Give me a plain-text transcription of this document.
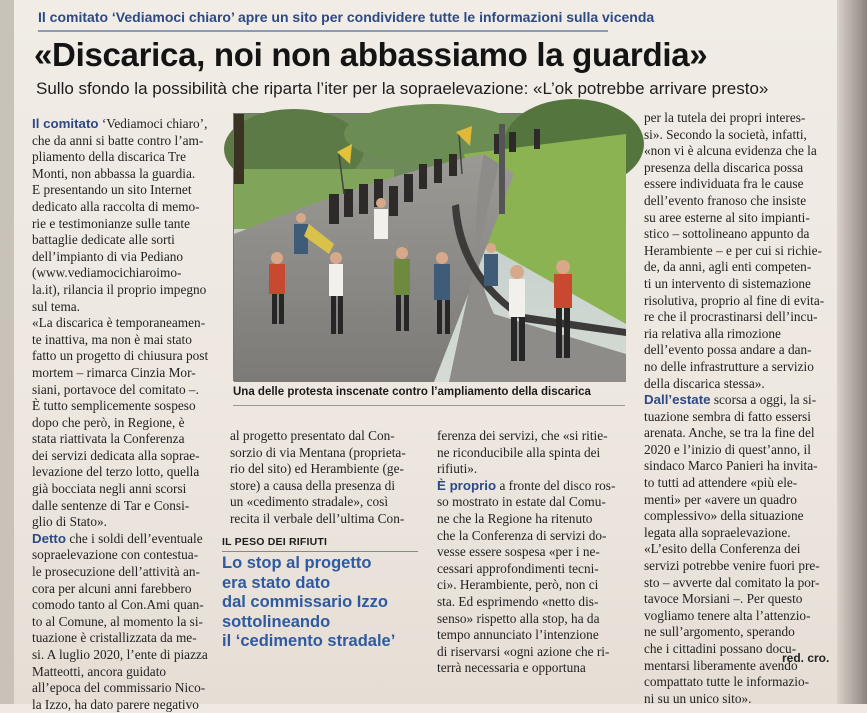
Il comitato ‘Vediamoci chiaro’ apre un sito per condividere tutte le informazioni sulla vicenda
«Discarica, noi non abbassiamo la guardia»
Sullo sfondo la possibilità che riparta l’iter per la sopraelevazione: «L’ok potrebbe arrivare presto»
Il comitato ‘Vediamoci chiaro’,
che da anni si batte contro l’am-
pliamento della discarica Tre
Monti, non abbassa la guardia.
E presentando un sito Internet
dedicato alla raccolta di memo-
rie e testimonianze sulle tante
battaglie dedicate alle sorti
dell’impianto di via Pediano
(www.vediamocichiaroimo-
la.it), rilancia il proprio impegno
sul tema.
«La discarica è temporaneamen-
te inattiva, ma non è mai stato
fatto un progetto di chiusura post
mortem – rimarca Cinzia Mor-
siani, portavoce del comitato –.
È tutto semplicemente sospeso
dopo che però, in Regione, è
stata riattivata la Conferenza
dei servizi dedicata alla soprae-
levazione del terzo lotto, quella
già bocciata negli anni scorsi
dalle sentenze di Tar e Consi-
glio di Stato».
Detto che i soldi dell’eventuale
sopraelevazione con contestua-
le prosecuzione dell’attività an-
cora per alcuni anni farebbero
comodo tanto al Con.Ami quan-
to al Comune, al momento la si-
tuazione è cristallizzata da me-
si. A luglio 2020, l’ente di piazza
Matteotti, ancora guidato
all’epoca del commissario Nico-
la Izzo, ha dato parere negativo
Una delle protesta inscenate contro l’ampliamento della discarica
al progetto presentato dal Con-
sorzio di via Mentana (proprieta-
rio del sito) ed Herambiente (ge-
store) a causa della presenza di
un «cedimento stradale», così
recita il verbale dell’ultima Con-
IL PESO DEI RIFIUTI
Lo stop al progetto
era stato dato
dal commissario Izzo
sottolineando
il ‘cedimento stradale’
ferenza dei servizi, che «si ritie-
ne riconducibile alla spinta dei
rifiuti».
È proprio a fronte del disco ros-
so mostrato in estate dal Comu-
ne che la Regione ha ritenuto
che la Conferenza di servizi do-
vesse essere sospesa «per i ne-
cessari approfondimenti tecni-
ci». Herambiente, però, non ci
sta. Ed esprimendo «netto dis-
senso» rispetto alla stop, ha da
tempo annunciato l’intenzione
di riservarsi «ogni azione che ri-
terrà necessaria e opportuna
per la tutela dei propri interes-
si». Secondo la società, infatti,
«non vi è alcuna evidenza che la
presenza della discarica possa
essere individuata fra le cause
dell’evento franoso che insiste
su aree esterne al sito impianti-
stico – sottolineano appunto da
Herambiente – e per cui si richie-
de, da anni, agli enti competen-
ti un intervento di sistemazione
risolutiva, proprio al fine di evita-
re che il procrastinarsi dell’incu-
ria relativa alla rimozione
dell’evento possa andare a dan-
no delle infrastrutture a servizio
della discarica stessa».
Dall’estate scorsa a oggi, la si-
tuazione sembra di fatto essersi
arenata. Anche, se tra la fine del
2020 e l’inizio di quest’anno, il
sindaco Marco Panieri ha invita-
to tutti ad attendere «più ele-
menti» per «avere un quadro
complessivo» della situazione
legata alla sopraelevazione.
«L’esito della Conferenza dei
servizi potrebbe venire fuori pre-
sto – avverte dal comitato la por-
tavoce Morsiani –. Per questo
vogliamo tenere alta l’attenzio-
ne sull’argomento, sperando
che i cittadini possano docu-
mentarsi liberamente avendo
compattato tutte le informazio-
ni su un unico sito».
red. cro.
